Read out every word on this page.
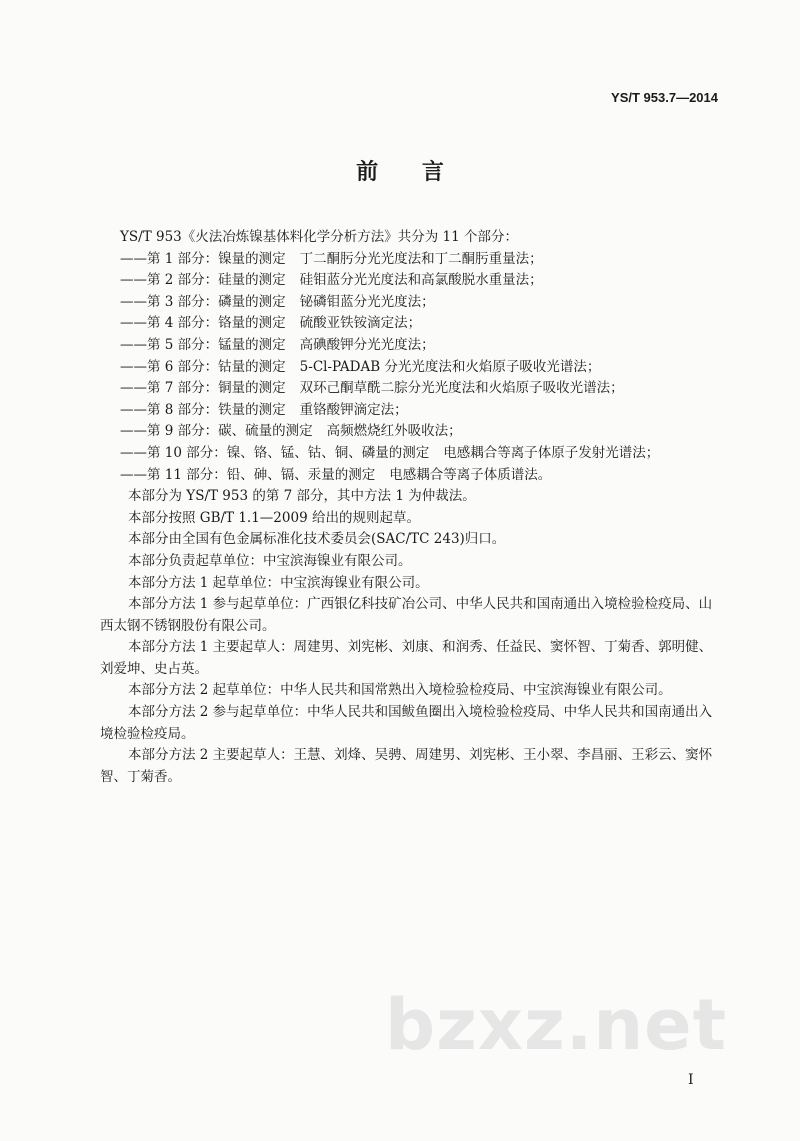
YS/T 953.7—2014
前 言

YS/T 953《火法冶炼镍基体料化学分析方法》共分为 11 个部分：

——第 1 部分：镍量的测定 丁二酮肟分光光度法和丁二酮肟重量法；

——第 2 部分：硅量的测定 硅钼蓝分光光度法和高氯酸脱水重量法；

——第 3 部分：磷量的测定 铋磷钼蓝分光光度法；

——第 4 部分：铬量的测定 硫酸亚铁铵滴定法；

——第 5 部分：锰量的测定 高碘酸钾分光光度法；

——第 6 部分：钴量的测定 5-Cl-PADAB 分光光度法和火焰原子吸收光谱法；

——第 7 部分：铜量的测定 双环己酮草酰二腙分光光度法和火焰原子吸收光谱法；

——第 8 部分：铁量的测定 重铬酸钾滴定法；

——第 9 部分：碳、硫量的测定 高频燃烧红外吸收法；

——第 10 部分：镍、铬、锰、钴、铜、磷量的测定 电感耦合等离子体原子发射光谱法；

——第 11 部分：铅、砷、镉、汞量的测定 电感耦合等离子体质谱法。

本部分为 YS/T 953 的第 7 部分，其中方法 1 为仲裁法。

本部分按照 GB/T 1.1—2009 给出的规则起草。

本部分由全国有色金属标准化技术委员会(SAC/TC 243)归口。

本部分负责起草单位：中宝滨海镍业有限公司。

本部分方法 1 起草单位：中宝滨海镍业有限公司。

本部分方法 1 参与起草单位：广西银亿科技矿冶公司、中华人民共和国南通出入境检验检疫局、山西太钢不锈钢股份有限公司。

本部分方法 1 主要起草人：周建男、刘宪彬、刘康、和润秀、任益民、窦怀智、丁菊香、郭明健、刘爱坤、史占英。

本部分方法 2 起草单位：中华人民共和国常熟出入境检验检疫局、中宝滨海镍业有限公司。

本部分方法 2 参与起草单位：中华人民共和国鲅鱼圈出入境检验检疫局、中华人民共和国南通出入境检验检疫局。

本部分方法 2 主要起草人：王慧、刘烽、吴骋、周建男、刘宪彬、王小翠、李昌丽、王彩云、窦怀智、丁菊香。

bzxz.net
I
